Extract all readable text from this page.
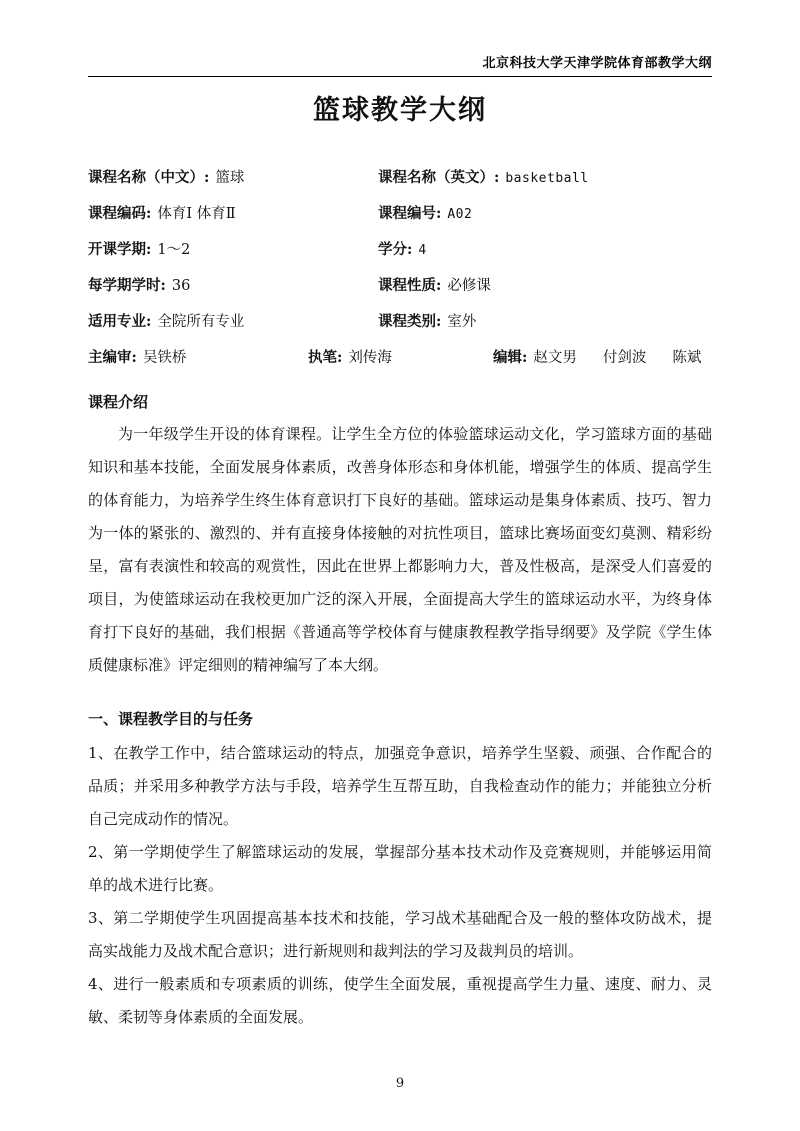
北京科技大学天津学院体育部教学大纲
篮球教学大纲
课程名称（中文）: 篮球	课程名称（英文）: basketball
课程编码: 体育Ⅰ 体育Ⅱ	课程编号: A02
开课学期: 1～2	学分: 4
每学期学时: 36	课程性质: 必修课
适用专业: 全院所有专业	课程类别: 室外
主编审: 吴铁桥	执笔: 刘传海	编辑: 赵文男 付剑波 陈斌
课程介绍

为一年级学生开设的体育课程。让学生全方位的体验篮球运动文化，学习篮球方面的基础知识和基本技能，全面发展身体素质，改善身体形态和身体机能，增强学生的体质、提高学生的体育能力，为培养学生终生体育意识打下良好的基础。篮球运动是集身体素质、技巧、智力为一体的紧张的、激烈的、并有直接身体接触的对抗性项目，篮球比赛场面变幻莫测、精彩纷呈，富有表演性和较高的观赏性，因此在世界上都影响力大，普及性极高，是深受人们喜爱的项目，为使篮球运动在我校更加广泛的深入开展，全面提高大学生的篮球运动水平，为终身体育打下良好的基础，我们根据《普通高等学校体育与健康教程教学指导纲要》及学院《学生体质健康标准》评定细则的精神编写了本大纲。

一、课程教学目的与任务

1、在教学工作中，结合篮球运动的特点，加强竞争意识，培养学生坚毅、顽强、合作配合的品质；并采用多种教学方法与手段，培养学生互帮互助，自我检查动作的能力；并能独立分析自己完成动作的情况。

2、第一学期使学生了解篮球运动的发展，掌握部分基本技术动作及竞赛规则，并能够运用简单的战术进行比赛。

3、第二学期使学生巩固提高基本技术和技能，学习战术基础配合及一般的整体攻防战术，提高实战能力及战术配合意识；进行新规则和裁判法的学习及裁判员的培训。

4、进行一般素质和专项素质的训练，使学生全面发展，重视提高学生力量、速度、耐力、灵敏、柔韧等身体素质的全面发展。

9
